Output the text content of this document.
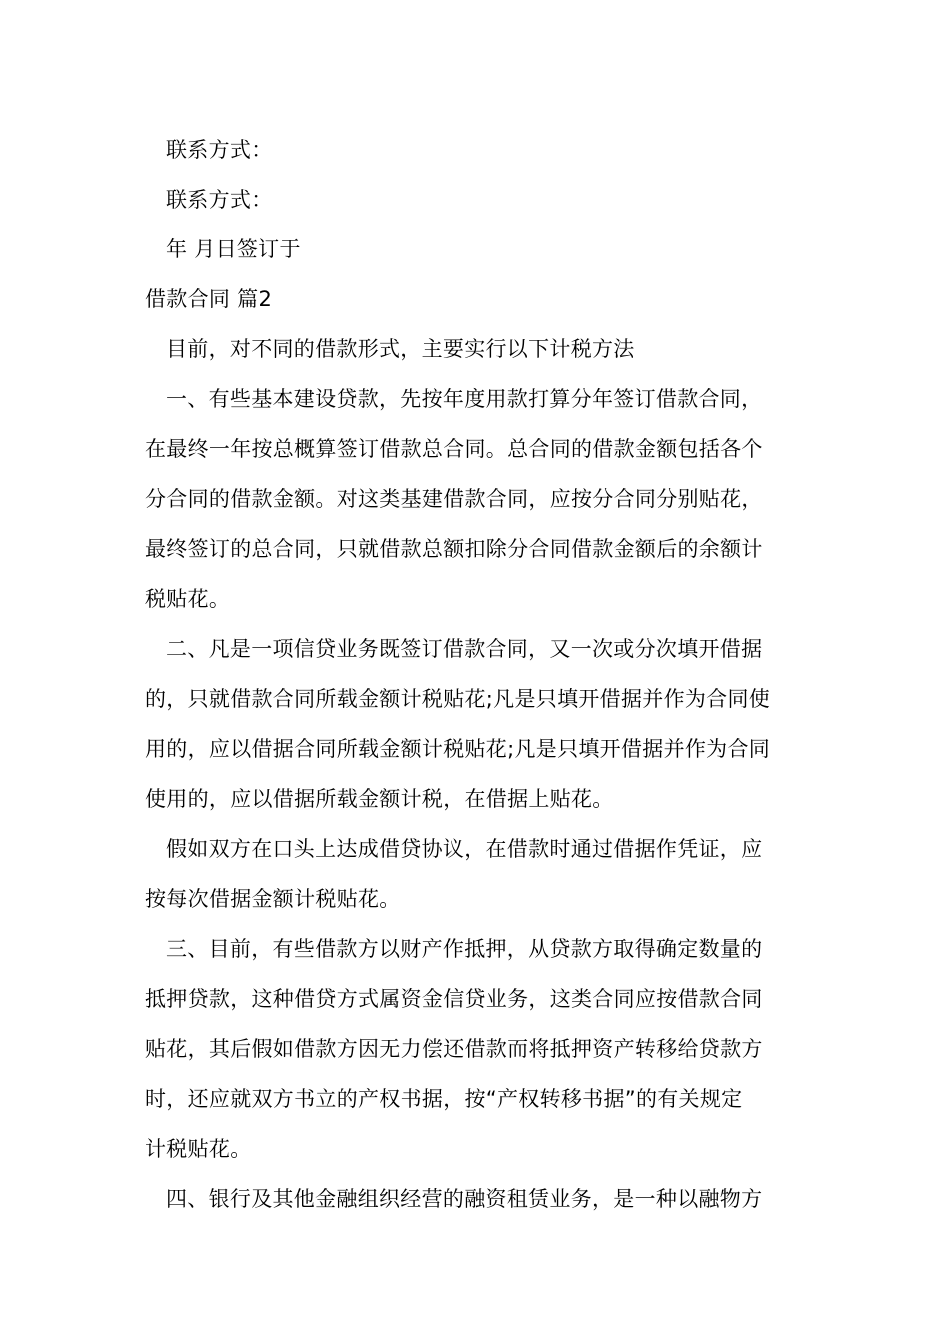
联系方式：
联系方式：
年 月日签订于
借款合同 篇2
目前，对不同的借款形式，主要实行以下计税方法
一、有些基本建设贷款，先按年度用款打算分年签订借款合同，
在最终一年按总概算签订借款总合同。总合同的借款金额包括各个
分合同的借款金额。对这类基建借款合同，应按分合同分别贴花，
最终签订的总合同，只就借款总额扣除分合同借款金额后的余额计
税贴花。
二、凡是一项信贷业务既签订借款合同，又一次或分次填开借据
的，只就借款合同所载金额计税贴花;凡是只填开借据并作为合同使
用的，应以借据合同所载金额计税贴花;凡是只填开借据并作为合同
使用的，应以借据所载金额计税，在借据上贴花。
假如双方在口头上达成借贷协议，在借款时通过借据作凭证，应
按每次借据金额计税贴花。
三、目前，有些借款方以财产作抵押，从贷款方取得确定数量的
抵押贷款，这种借贷方式属资金信贷业务，这类合同应按借款合同
贴花，其后假如借款方因无力偿还借款而将抵押资产转移给贷款方
时，还应就双方书立的产权书据，按“产权转移书据”的有关规定
计税贴花。
四、银行及其他金融组织经营的融资租赁业务，是一种以融物方
